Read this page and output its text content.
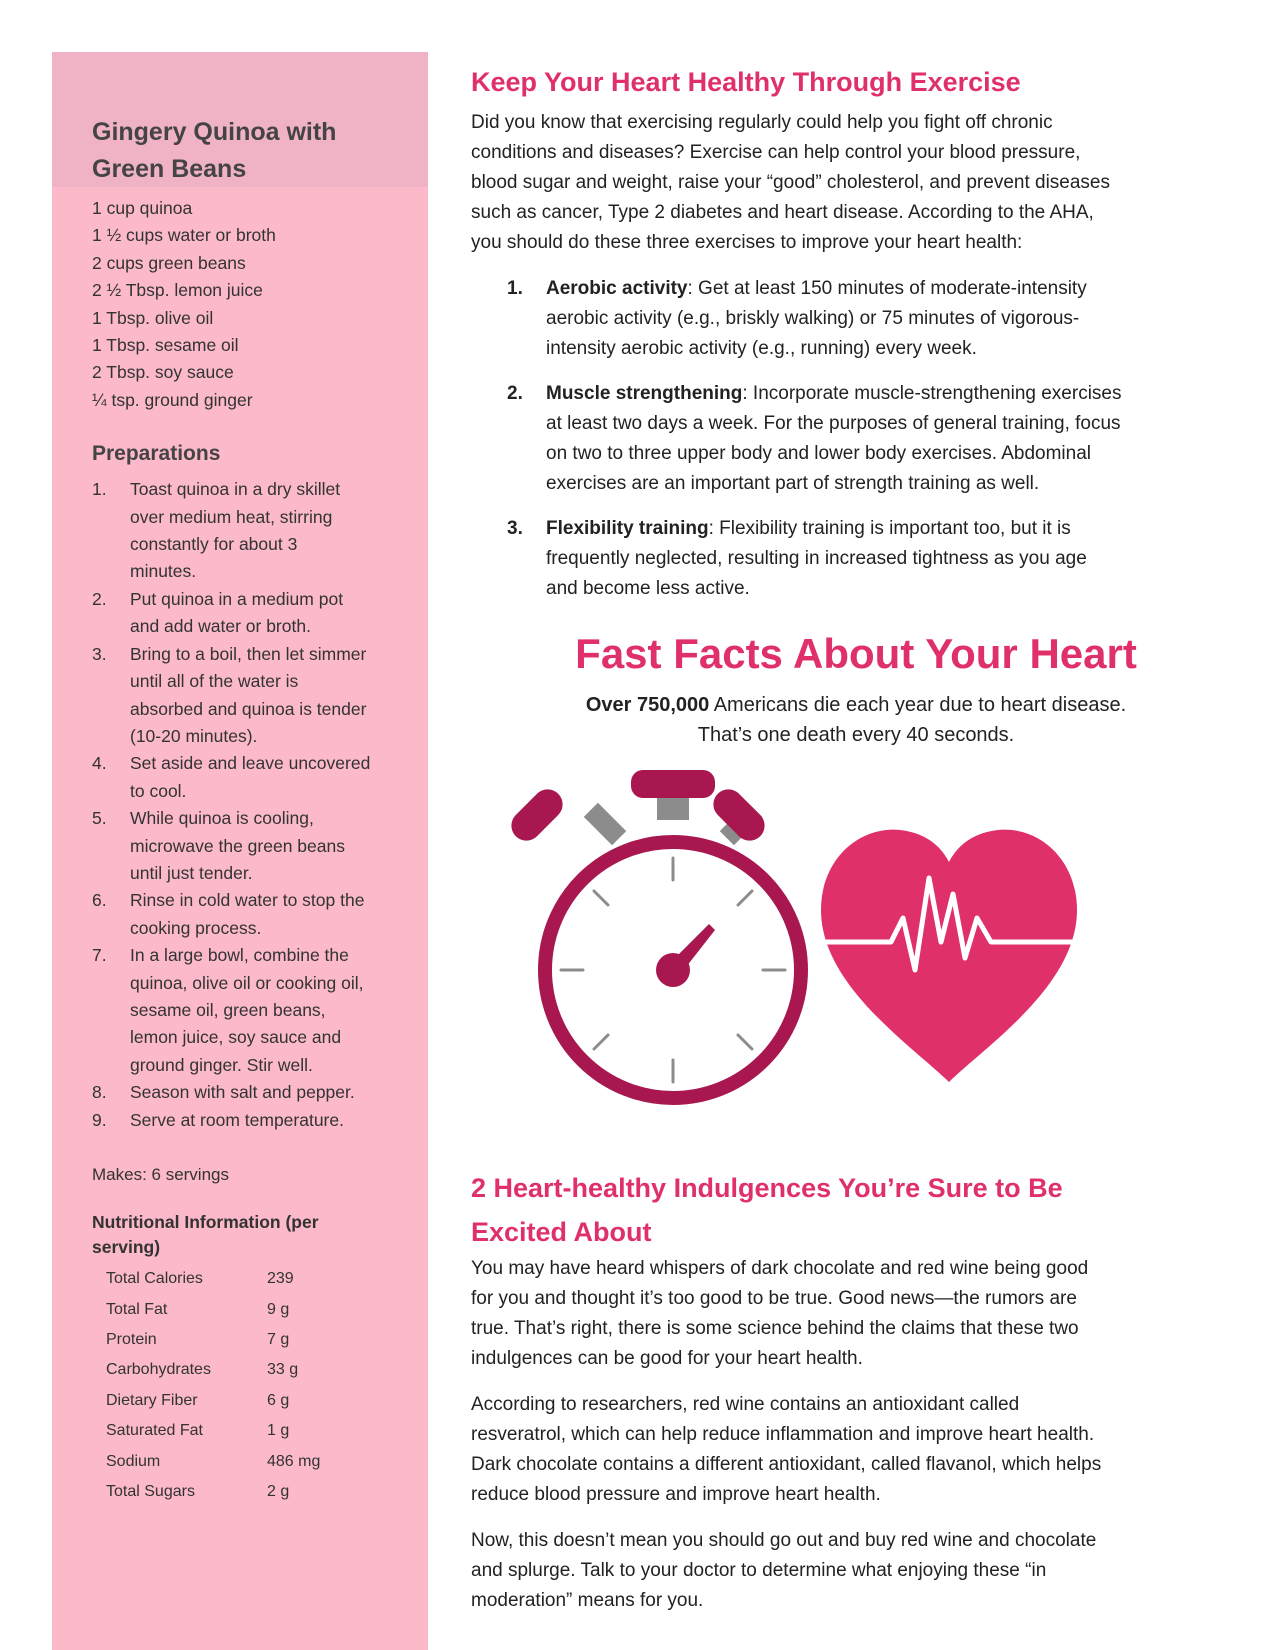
Gingery Quinoa with
Green Beans
1 cup quinoa
1 ½ cups water or broth
2 cups green beans
2 ½ Tbsp. lemon juice
1 Tbsp. olive oil
1 Tbsp. sesame oil
2 Tbsp. soy sauce
¼ tsp. ground ginger
Preparations
1.	Toast quinoa in a dry skillet
over medium heat, stirring
constantly for about 3
minutes.
2.	Put quinoa in a medium pot
and add water or broth.
3.	Bring to a boil, then let simmer
until all of the water is
absorbed and quinoa is tender
(10-20 minutes).
4.	Set aside and leave uncovered
to cool.
5.	While quinoa is cooling,
microwave the green beans
until just tender.
6.	Rinse in cold water to stop the
cooking process.
7.	In a large bowl, combine the
quinoa, olive oil or cooking oil,
sesame oil, green beans,
lemon juice, soy sauce and
ground ginger. Stir well.
8.	Season with salt and pepper.
9.	Serve at room temperature.
Makes: 6 servings
Nutritional Information (per
serving)
Total Calories	239
Total Fat	9 g
Protein	7 g
Carbohydrates	33 g
Dietary Fiber	6 g
Saturated Fat	1 g
Sodium	486 mg
Total Sugars	2 g
Keep Your Heart Healthy Through Exercise

Did you know that exercising regularly could help you fight off chronic
conditions and diseases? Exercise can help control your blood pressure,
blood sugar and weight, raise your “good” cholesterol, and prevent diseases
such as cancer, Type 2 diabetes and heart disease. According to the AHA,
you should do these three exercises to improve your heart health:

1.	Aerobic activity: Get at least 150 minutes of moderate-intensity
aerobic activity (e.g., briskly walking) or 75 minutes of vigorous-
intensity aerobic activity (e.g., running) every week.
2.	Muscle strengthening: Incorporate muscle-strengthening exercises
at least two days a week. For the purposes of general training, focus
on two to three upper body and lower body exercises. Abdominal
exercises are an important part of strength training as well.
3.	Flexibility training: Flexibility training is important too, but it is
frequently neglected, resulting in increased tightness as you age
and become less active.
Fast Facts About Your Heart
Over 750,000 Americans die each year due to heart disease.
That’s one death every 40 seconds.
2 Heart-healthy Indulgences You’re Sure to Be
Excited About

You may have heard whispers of dark chocolate and red wine being good
for you and thought it’s too good to be true. Good news—the rumors are
true. That’s right, there is some science behind the claims that these two
indulgences can be good for your heart health.

According to researchers, red wine contains an antioxidant called
resveratrol, which can help reduce inflammation and improve heart health.
Dark chocolate contains a different antioxidant, called flavanol, which helps
reduce blood pressure and improve heart health.

Now, this doesn’t mean you should go out and buy red wine and chocolate
and splurge. Talk to your doctor to determine what enjoying these “in
moderation” means for you.
